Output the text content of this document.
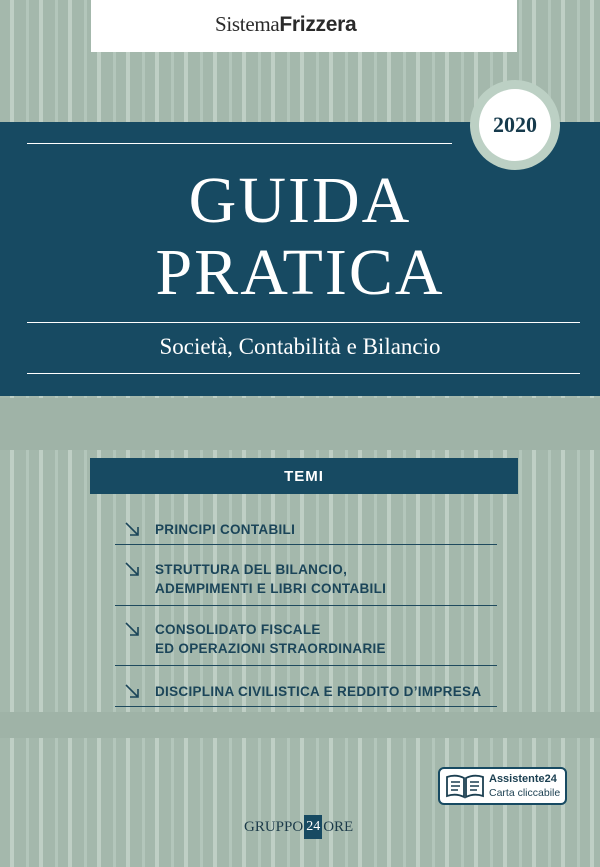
SistemaFrizzera
2020
GUIDA
PRATICA
Società, Contabilità e Bilancio
TEMI
PRINCIPI CONTABILI
STRUTTURA DEL BILANCIO,
ADEMPIMENTI E LIBRI CONTABILI
CONSOLIDATO FISCALE
ED OPERAZIONI STRAORDINARIE
DISCIPLINA CIVILISTICA E REDDITO D’IMPRESA
Assistente24
Carta cliccabile
GRUPPO 24 ORE
